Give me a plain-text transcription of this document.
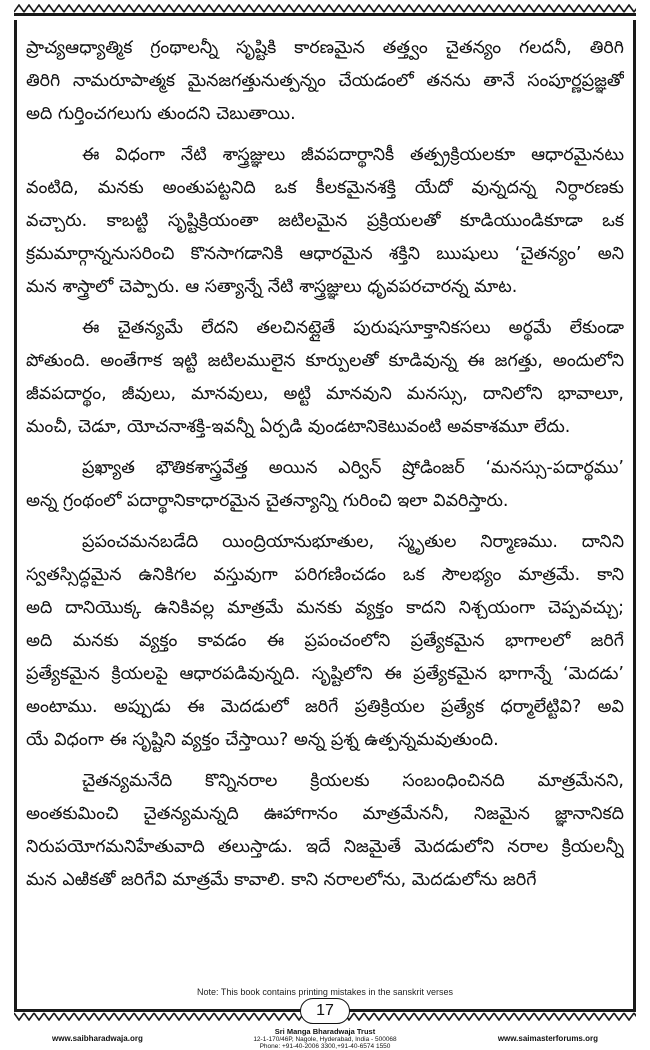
ప్రాచ్యఆధ్యాత్మిక గ్రంథాలన్నీ సృష్టికి కారణమైన తత్త్వం చైతన్యం గలదనీ, తిరిగి
తిరిగి నామరూపాత్మక మైనజగత్తునుత్పన్నం చేయడంలో తనను తానే సంపూర్ణప్రజ్ఞతో
అది గుర్తించగలుగు తుందని చెబుతాయి.
ఈ విధంగా నేటి శాస్త్రజ్ఞులు జీవపదార్థానికీ తత్ప్రక్రియలకూ ఆధారమైనటు
వంటిది, మనకు అంతుపట్టనిది ఒక కీలకమైనశక్తి యేదో వున్నదన్న నిర్ధారణకు
వచ్చారు. కాబట్టి సృష్టిక్రియంతా జటిలమైన ప్రక్రియలతో కూడియుండికూడా ఒక
క్రమమార్గాన్ననుసరించి కొనసాగడానికి ఆధారమైన శక్తిని ఋషులు ‘చైతన్యం’ అని
మన శాస్త్రాలో చెప్పారు. ఆ సత్యాన్నే నేటి శాస్త్రజ్ఞులు ధృవపరచారన్న మాట.
ఈ చైతన్యమే లేదని తలచినట్లైతే పురుషసూక్తానికసలు అర్థమే లేకుండా
పోతుంది. అంతేగాక ఇట్టి జటిలములైన కూర్పులతో కూడివున్న ఈ జగత్తు, అందులోని
జీవపదార్థం, జీవులు, మానవులు, అట్టి మానవుని మనస్సు, దానిలోని భావాలూ,
మంచీ, చెడూ, యోచనాశక్తి-ఇవన్నీ ఏర్పడి వుండటానికెటువంటి అవకాశమూ లేదు.
ప్రఖ్యాత భౌతికశాస్త్రవేత్త అయిన ఎర్విన్ ష్రోడింజర్ ‘మనస్సు-పదార్థము’
అన్న గ్రంథంలో పదార్థానికాధారమైన చైతన్యాన్ని గురించి ఇలా వివరిస్తారు.
ప్రపంచమనబడేది యింద్రియానుభూతుల, స్మృతుల నిర్మాణము. దానిని
స్వతస్సిద్ధమైన ఉనికిగల వస్తువుగా పరిగణించడం ఒక సౌలభ్యం మాత్రమే. కాని
అది దానియొక్క ఉనికివల్ల మాత్రమే మనకు వ్యక్తం కాదని నిశ్చయంగా చెప్పవచ్చు;
అది మనకు వ్యక్తం కావడం ఈ ప్రపంచంలోని ప్రత్యేకమైన భాగాలలో జరిగే
ప్రత్యేకమైన క్రియలపై ఆధారపడివున్నది. సృష్టిలోని ఈ ప్రత్యేకమైన భాగాన్నే ‘మెదడు’
అంటాము. అప్పుడు ఈ మెదడులో జరిగే ప్రతిక్రియల ప్రత్యేక ధర్మాలేట్టివి? అవి
యే విధంగా ఈ సృష్టిని వ్యక్తం చేస్తాయి? అన్న ప్రశ్న ఉత్పన్నమవుతుంది.
చైతన్యమనేది కొన్నినరాల క్రియలకు సంబంధించినది మాత్రమేనని,
అంతకుమించి చైతన్యమన్నది ఊహాగానం మాత్రమేననీ, నిజమైన జ్ఞానానికది
నిరుపయోగమనిహేతువాది తలుస్తాడు. ఇదే నిజమైతే మెదడులోని నరాల క్రియలన్నీ
మన ఎఱికతో జరిగేవి మాత్రమే కావాలి. కాని నరాలలోను, మెదడులోను జరిగే
Note: This book contains printing mistakes in the sanskrit verses
17
www.saibharadwaja.org
Sri Manga Bharadwaja Trust
12-1-170/46P, Nagole, Hyderabad, India - 500068
Phone: +91-40-2006 3300,+91-40-6574 1550
www.saimasterforums.org
